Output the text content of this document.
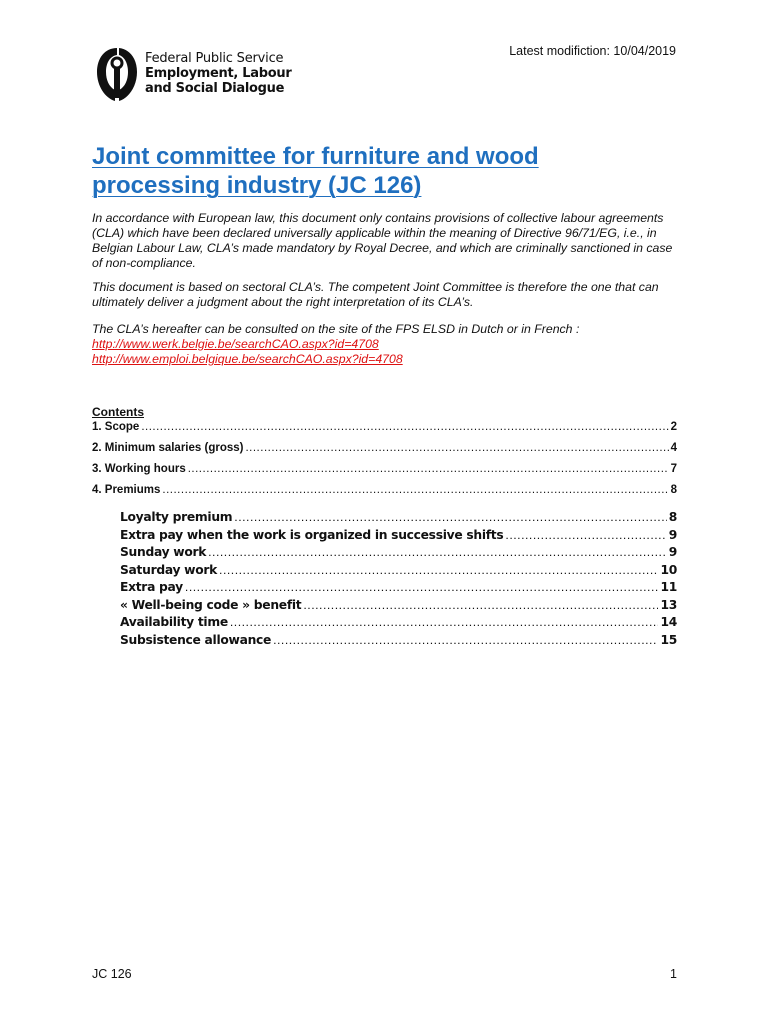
Federal Public Service
Employment, Labour
and Social Dialogue
Latest modifiction: 10/04/2019
Joint committee for furniture and wood processing industry (JC 126)
In accordance with European law, this document only contains provisions of collective labour agreements (CLA) which have been declared universally applicable within the meaning of Directive 96/71/EG, i.e., in Belgian Labour Law, CLA’s made mandatory by Royal Decree, and which are criminally sanctioned in case of non-compliance.
This document is based on sectoral CLA’s. The competent Joint Committee is therefore the one that can ultimately deliver a judgment about the right interpretation of its CLA’s.
The CLA’s hereafter can be consulted on the site of the FPS ELSD in Dutch or in French :
http://www.werk.belgie.be/searchCAO.aspx?id=4708
http://www.emploi.belgique.be/searchCAO.aspx?id=4708
Contents
1. Scope .....	2
2. Minimum salaries (gross) .....	4
3. Working hours .....	7
4. Premiums .....	8
Loyalty premium .....	8
Extra pay when the work is organized in successive shifts .....	9
Sunday work .....	9
Saturday work .....	10
Extra pay .....	11
« Well-being code » benefit .....	13
Availability time .....	14
Subsistence allowance .....	15
JC 126	1
